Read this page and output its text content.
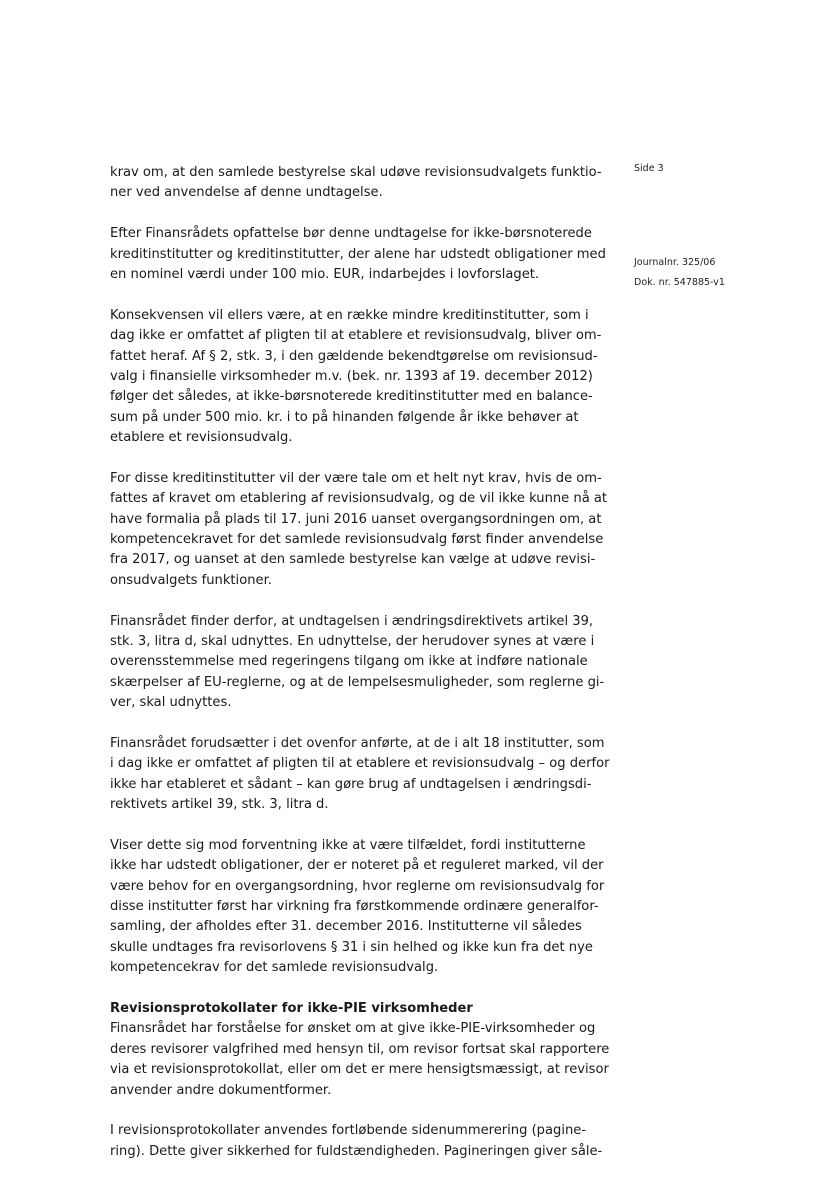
Side 3
Journalnr. 325/06
Dok. nr. 547885-v1
krav om, at den samlede bestyrelse skal udøve revisionsudvalgets funktio-
ner ved anvendelse af denne undtagelse.
Efter Finansrådets opfattelse bør denne undtagelse for ikke-børsnoterede
kreditinstitutter og kreditinstitutter, der alene har udstedt obligationer med
en nominel værdi under 100 mio. EUR, indarbejdes i lovforslaget.
Konsekvensen vil ellers være, at en række mindre kreditinstitutter, som i
dag ikke er omfattet af pligten til at etablere et revisionsudvalg, bliver om-
fattet heraf. Af § 2, stk. 3, i den gældende bekendtgørelse om revisionsud-
valg i finansielle virksomheder m.v. (bek. nr. 1393 af 19. december 2012)
følger det således, at ikke-børsnoterede kreditinstitutter med en balance-
sum på under 500 mio. kr. i to på hinanden følgende år ikke behøver at
etablere et revisionsudvalg.
For disse kreditinstitutter vil der være tale om et helt nyt krav, hvis de om-
fattes af kravet om etablering af revisionsudvalg, og de vil ikke kunne nå at
have formalia på plads til 17. juni 2016 uanset overgangsordningen om, at
kompetencekravet for det samlede revisionsudvalg først finder anvendelse
fra 2017, og uanset at den samlede bestyrelse kan vælge at udøve revisi-
onsudvalgets funktioner.
Finansrådet finder derfor, at undtagelsen i ændringsdirektivets artikel 39,
stk. 3, litra d, skal udnyttes. En udnyttelse, der herudover synes at være i
overensstemmelse med regeringens tilgang om ikke at indføre nationale
skærpelser af EU-reglerne, og at de lempelsesmuligheder, som reglerne gi-
ver, skal udnyttes.
Finansrådet forudsætter i det ovenfor anførte, at de i alt 18 institutter, som
i dag ikke er omfattet af pligten til at etablere et revisionsudvalg – og derfor
ikke har etableret et sådant – kan gøre brug af undtagelsen i ændringsdi-
rektivets artikel 39, stk. 3, litra d.
Viser dette sig mod forventning ikke at være tilfældet, fordi institutterne
ikke har udstedt obligationer, der er noteret på et reguleret marked, vil der
være behov for en overgangsordning, hvor reglerne om revisionsudvalg for
disse institutter først har virkning fra førstkommende ordinære generalfor-
samling, der afholdes efter 31. december 2016. Institutterne vil således
skulle undtages fra revisorlovens § 31 i sin helhed og ikke kun fra det nye
kompetencekrav for det samlede revisionsudvalg.
Revisionsprotokollater for ikke-PIE virksomheder
Finansrådet har forståelse for ønsket om at give ikke-PIE-virksomheder og
deres revisorer valgfrihed med hensyn til, om revisor fortsat skal rapportere
via et revisionsprotokollat, eller om det er mere hensigtsmæssigt, at revisor
anvender andre dokumentformer.
I revisionsprotokollater anvendes fortløbende sidenummerering (pagine-
ring). Dette giver sikkerhed for fuldstændigheden. Pagineringen giver såle-
